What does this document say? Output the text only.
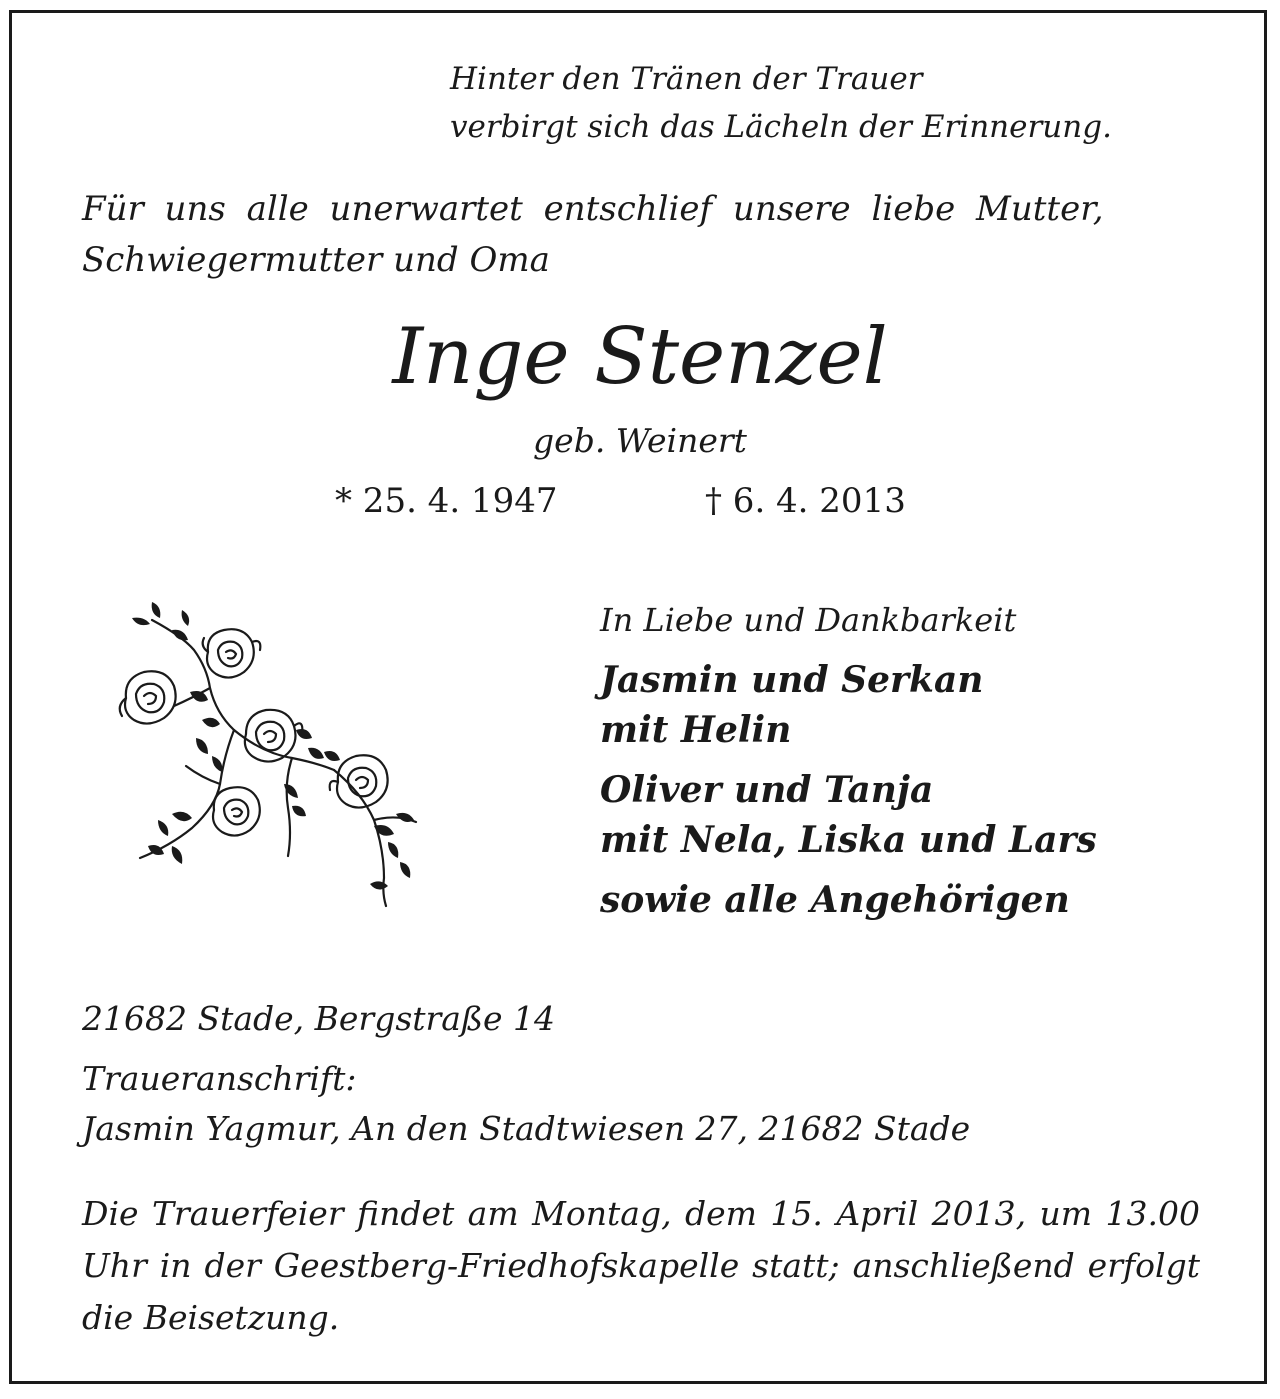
Hinter den Tränen der Trauer

verbirgt sich das Lächeln der Erinnerung.

Für uns alle unerwartet entschlief unsere liebe Mutter,

Schwiegermutter und Oma

Inge Stenzel

geb. Weinert

* 25. 4. 1947	† 6. 4. 2013

In Liebe und Dankbarkeit

Jasmin und Serkan

mit Helin

Oliver und Tanja

mit Nela, Liska und Lars

sowie alle Angehörigen

21682 Stade, Bergstraße 14

Traueranschrift:

Jasmin Yagmur, An den Stadtwiesen 27, 21682 Stade

Die Trauerfeier findet am Montag, dem 15. April 2013, um 13.00 Uhr in der Geestberg-Friedhofskapelle statt; anschließend erfolgt die Beisetzung.
